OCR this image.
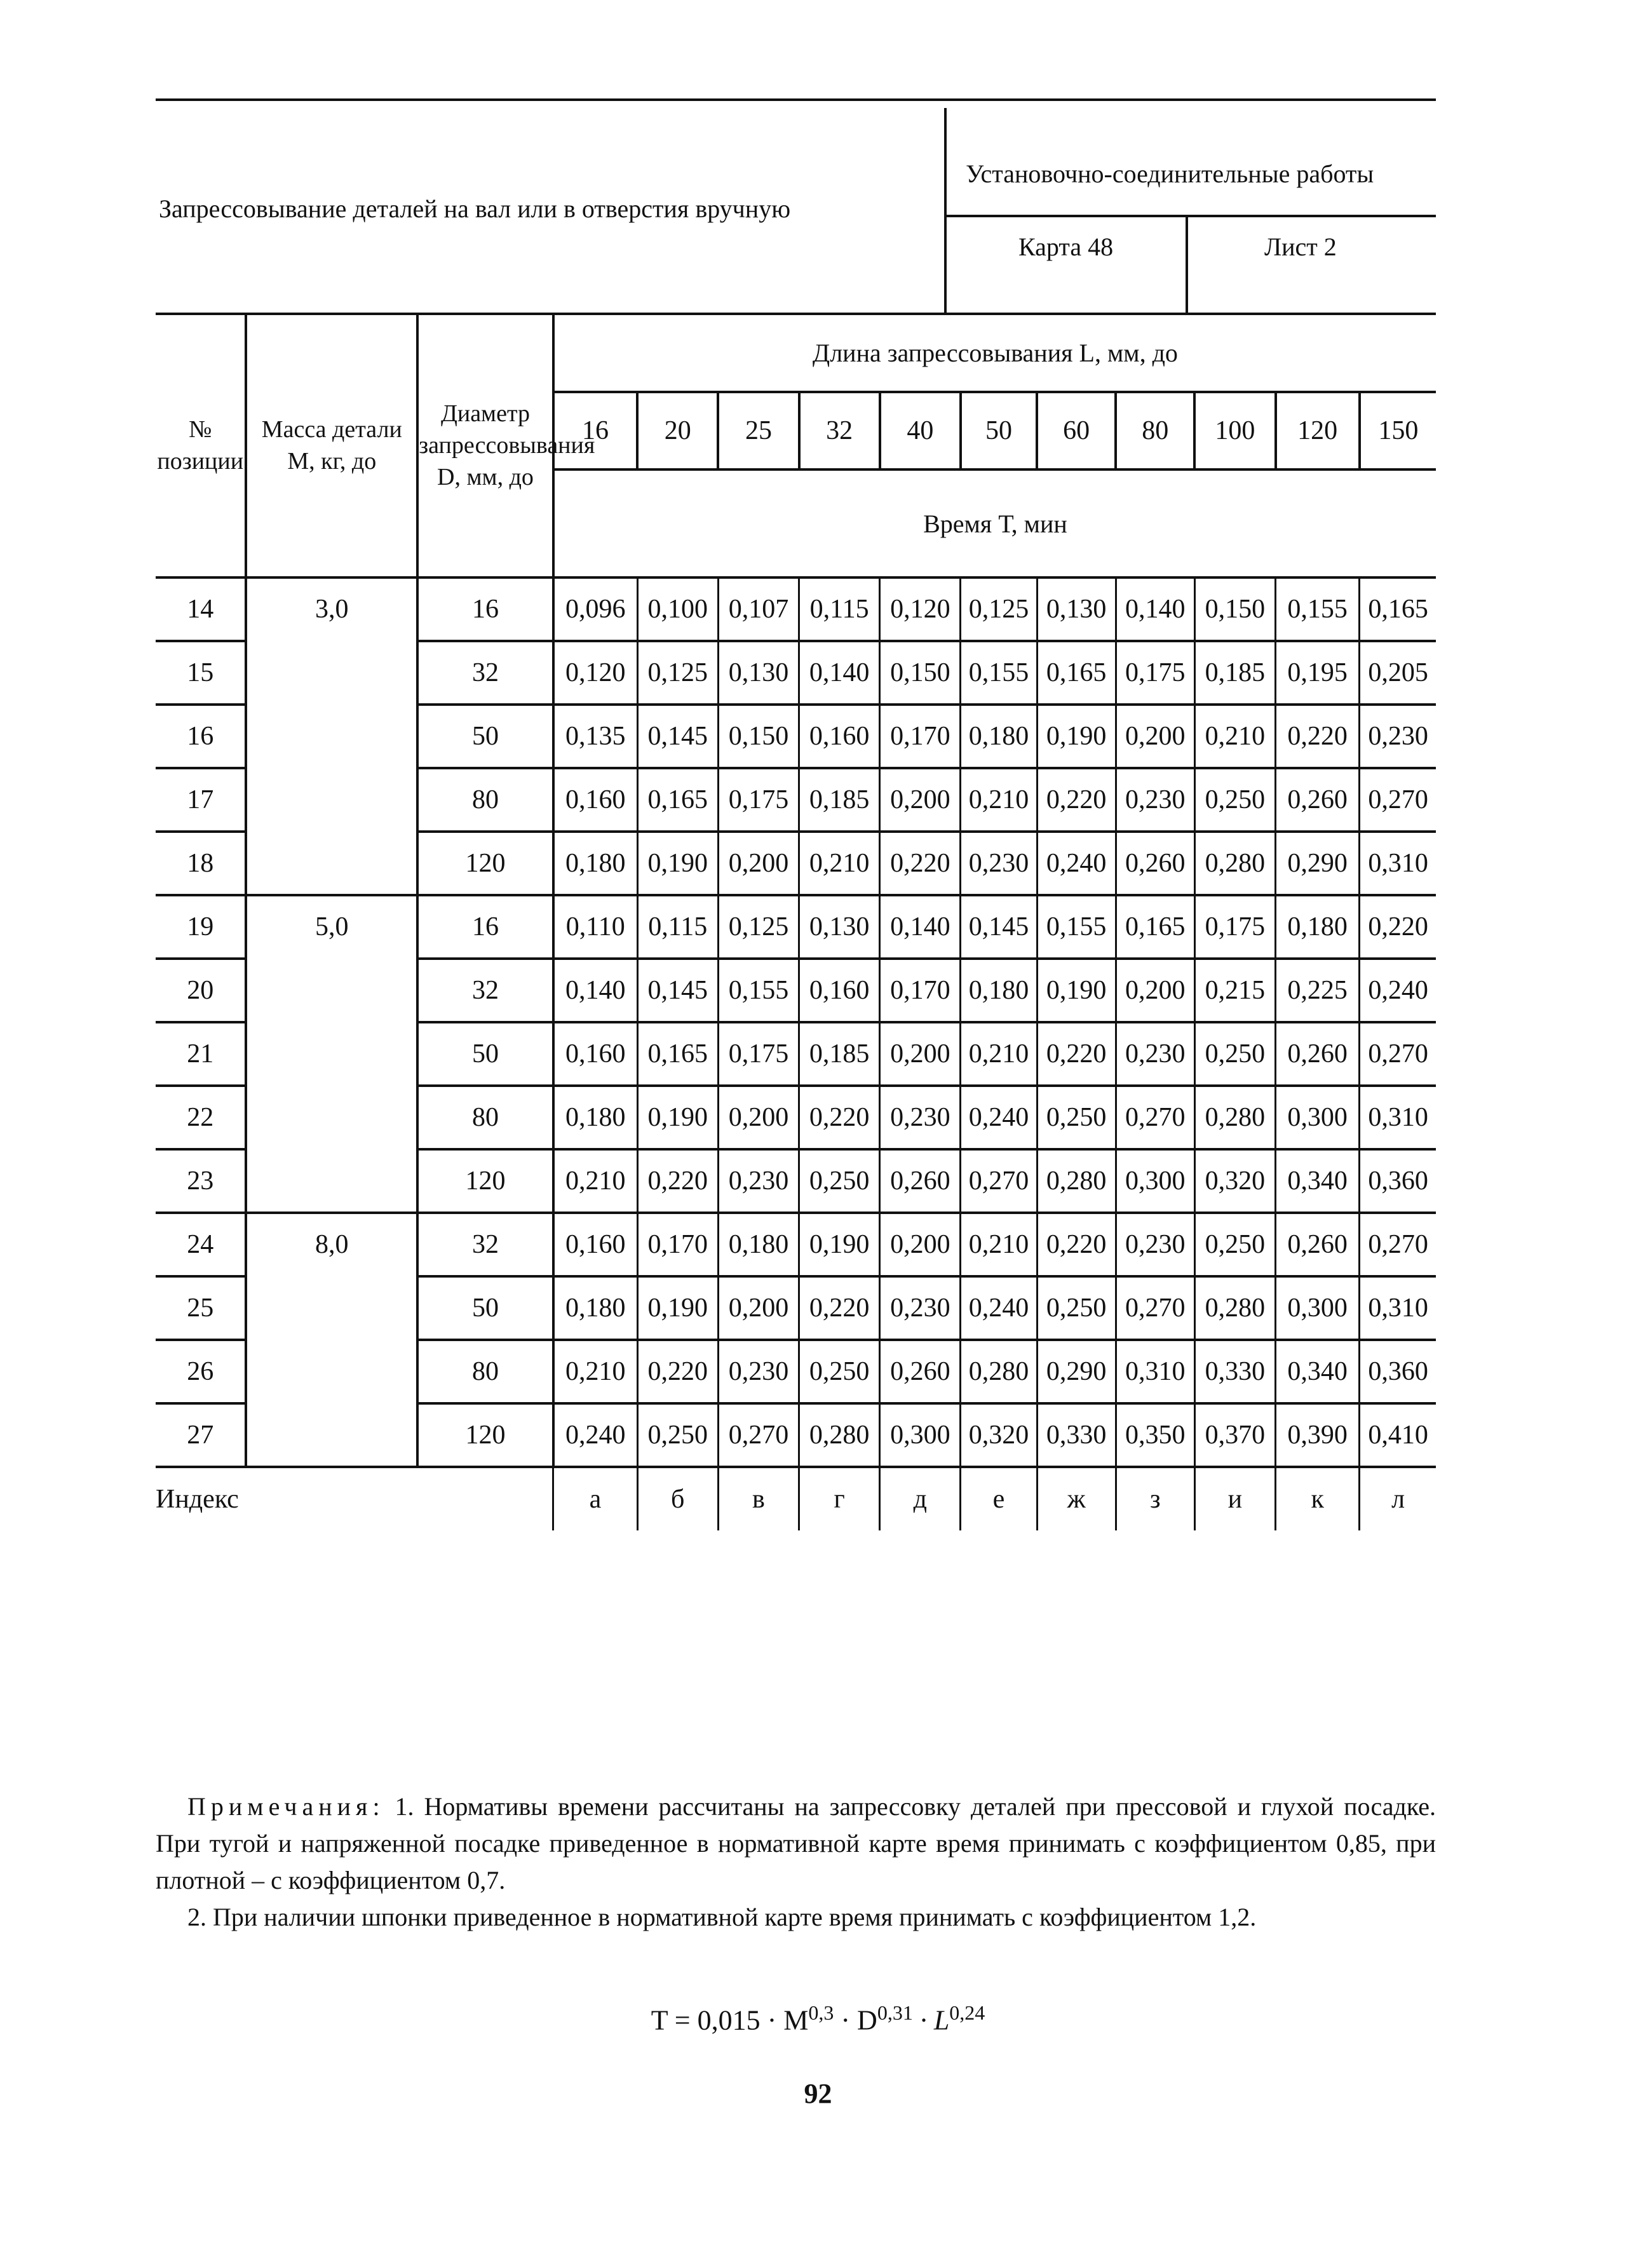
Запрессовывание деталей на вал или в отверстия вручную
Установочно-соединительные работы
Карта 48	Лист 2
№ позиции	Масса детали М, кг, до	Диаметр запрессовывания D, мм, до	Длина запрессовывания L, мм, до										
			16	20	25	32	40	50	60	80	100	120	150
			Время Т, мин										
14	3,0	16	0,096	0,100	0,107	0,115	0,120	0,125	0,130	0,140	0,150	0,155	0,165
15		32	0,120	0,125	0,130	0,140	0,150	0,155	0,165	0,175	0,185	0,195	0,205
16		50	0,135	0,145	0,150	0,160	0,170	0,180	0,190	0,200	0,210	0,220	0,230
17		80	0,160	0,165	0,175	0,185	0,200	0,210	0,220	0,230	0,250	0,260	0,270
18		120	0,180	0,190	0,200	0,210	0,220	0,230	0,240	0,260	0,280	0,290	0,310
19	5,0	16	0,110	0,115	0,125	0,130	0,140	0,145	0,155	0,165	0,175	0,180	0,220
20		32	0,140	0,145	0,155	0,160	0,170	0,180	0,190	0,200	0,215	0,225	0,240
21		50	0,160	0,165	0,175	0,185	0,200	0,210	0,220	0,230	0,250	0,260	0,270
22		80	0,180	0,190	0,200	0,220	0,230	0,240	0,250	0,270	0,280	0,300	0,310
23		120	0,210	0,220	0,230	0,250	0,260	0,270	0,280	0,300	0,320	0,340	0,360
24	8,0	32	0,160	0,170	0,180	0,190	0,200	0,210	0,220	0,230	0,250	0,260	0,270
25		50	0,180	0,190	0,200	0,220	0,230	0,240	0,250	0,270	0,280	0,300	0,310
26		80	0,210	0,220	0,230	0,250	0,260	0,280	0,290	0,310	0,330	0,340	0,360
27		120	0,240	0,250	0,270	0,280	0,300	0,320	0,330	0,350	0,370	0,390	0,410
Индекс			а	б	в	г	д	е	ж	з	и	к	л

Примечания: 1. Нормативы времени рассчитаны на запрессовку деталей при прессовой и глухой посадке. При тугой и напряженной посадке приведенное в нормативной карте время принимать с коэффициентом 0,85, при плотной – с коэффициентом 0,7.

2. При наличии шпонки приведенное в нормативной карте время принимать с коэффициентом 1,2.

T = 0,015 · M$^{0,3}$ · D$^{0,31}$ · L$^{0,24}$
92
